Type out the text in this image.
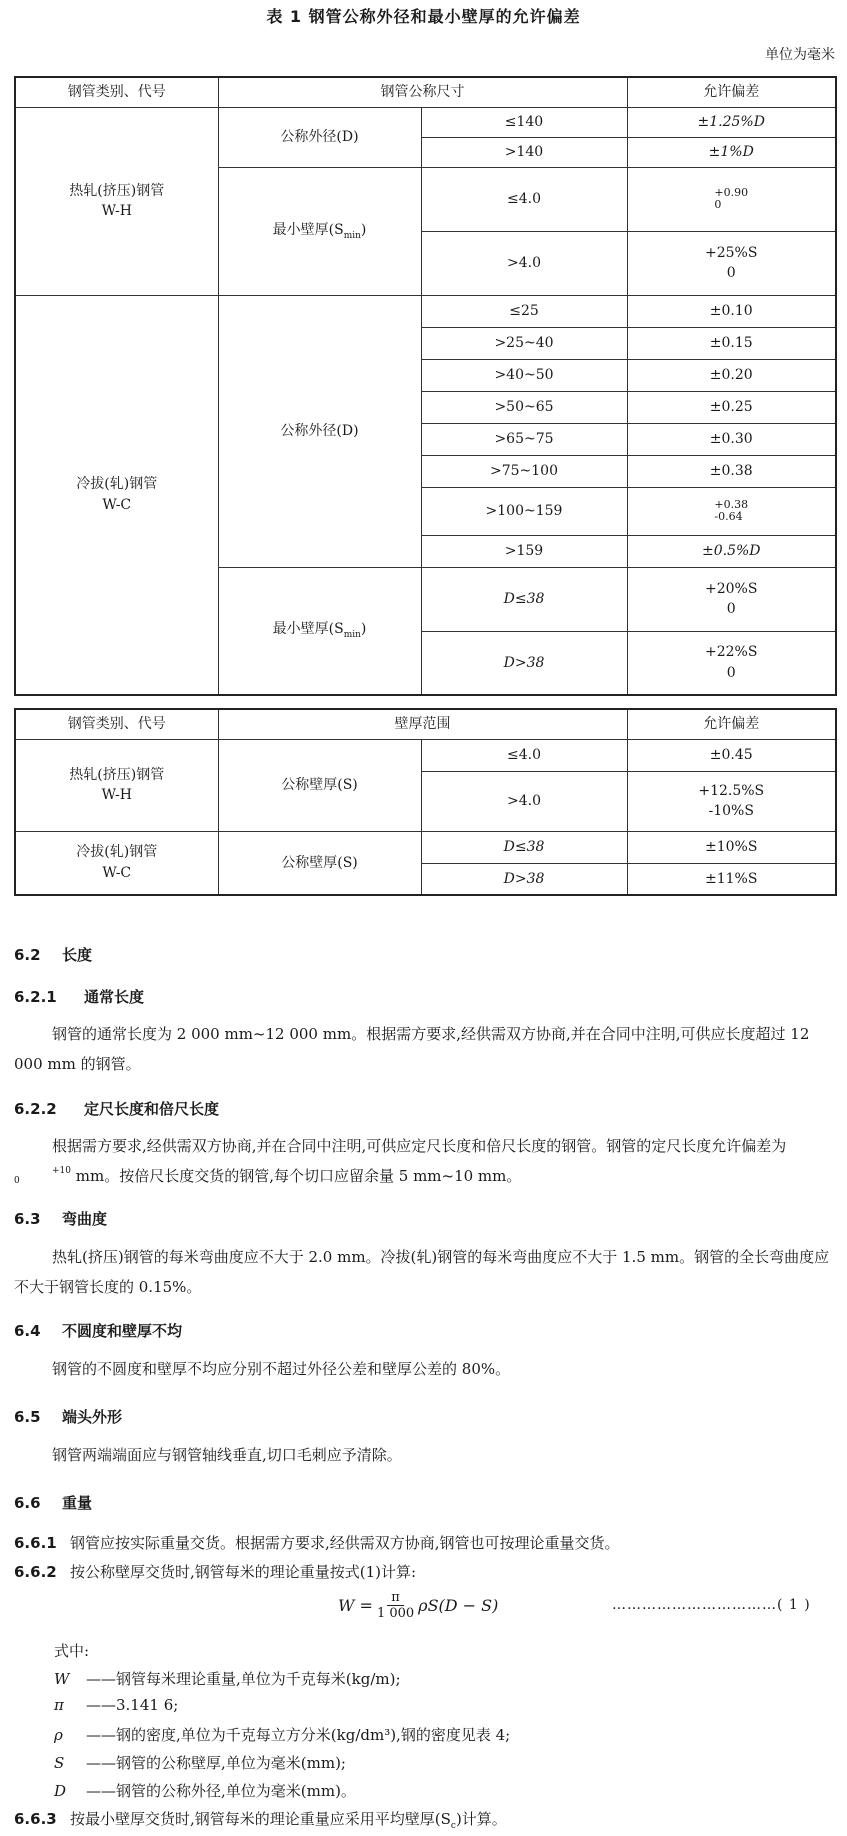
表 1 钢管公称外径和最小壁厚的允许偏差
单位为毫米
钢管类别、代号	钢管公称尺寸		允许偏差
热轧(挤压)钢管
W-H	公称外径(D)	≤140	±1.25%D
		>140	±1%D
	最小壁厚$(S_{min})$	≤4.0	+0.90
0
		>4.0	+25%S
0
冷拔(轧)钢管
W-C	公称外径(D)	≤25	±0.10
		>25~40	±0.15
		>40~50	±0.20
		>50~65	±0.25
		>65~75	±0.30
		>75~100	±0.38
		>100~159	+0.38
-0.64
		>159	±0.5%D
	最小壁厚$(S_{min})$	D≤38	+20%S
0
		D>38	+22%S
0
钢管类别、代号	壁厚范围		允许偏差
热轧(挤压)钢管
W-H	公称壁厚(S)	≤4.0	±0.45
		>4.0	+12.5%S
-10%S
冷拔(轧)钢管
W-C	公称壁厚(S)	D≤38	±10%S
		D>38	±11%S
6.2 长度
6.2.1 通常长度
钢管的通常长度为 2 000 mm~12 000 mm。根据需方要求,经供需双方协商,并在合同中注明,可供应长度超过 12 000 mm 的钢管。
6.2.2 定尺长度和倍尺长度
根据需方要求,经供需双方协商,并在合同中注明,可供应定尺长度和倍尺长度的钢管。钢管的定尺长度允许偏差为+10
0	mm。按倍尺长度交货的钢管,每个切口应留余量 5 mm~10 mm。
6.3 弯曲度
热轧(挤压)钢管的每米弯曲度应不大于 2.0 mm。冷拔(轧)钢管的每米弯曲度应不大于 1.5 mm。钢管的全长弯曲度应不大于钢管长度的 0.15%。
6.4 不圆度和壁厚不均
钢管的不圆度和壁厚不均应分别不超过外径公差和壁厚公差的 80%。
6.5 端头外形
钢管两端端面应与钢管轴线垂直,切口毛刺应予清除。
6.6 重量
6.6.1 钢管应按实际重量交货。根据需方要求,经供需双方协商,钢管也可按理论重量交货。
6.6.2 按公称壁厚交货时,钢管每米的理论重量按式(1)计算:
$W = \frac{\pi}{1 000} \rho S(D - S)$	……………………………( 1 )
式中:
W ——钢管每米理论重量,单位为千克每米(kg/m);
π ——3.141 6;
ρ ——钢的密度,单位为千克每立方分米(kg/dm³),钢的密度见表 4;
S ——钢管的公称壁厚,单位为毫米(mm);
D ——钢管的公称外径,单位为毫米(mm)。
6.6.3 按最小壁厚交货时,钢管每米的理论重量应采用平均壁厚$(S_c)$计算。
